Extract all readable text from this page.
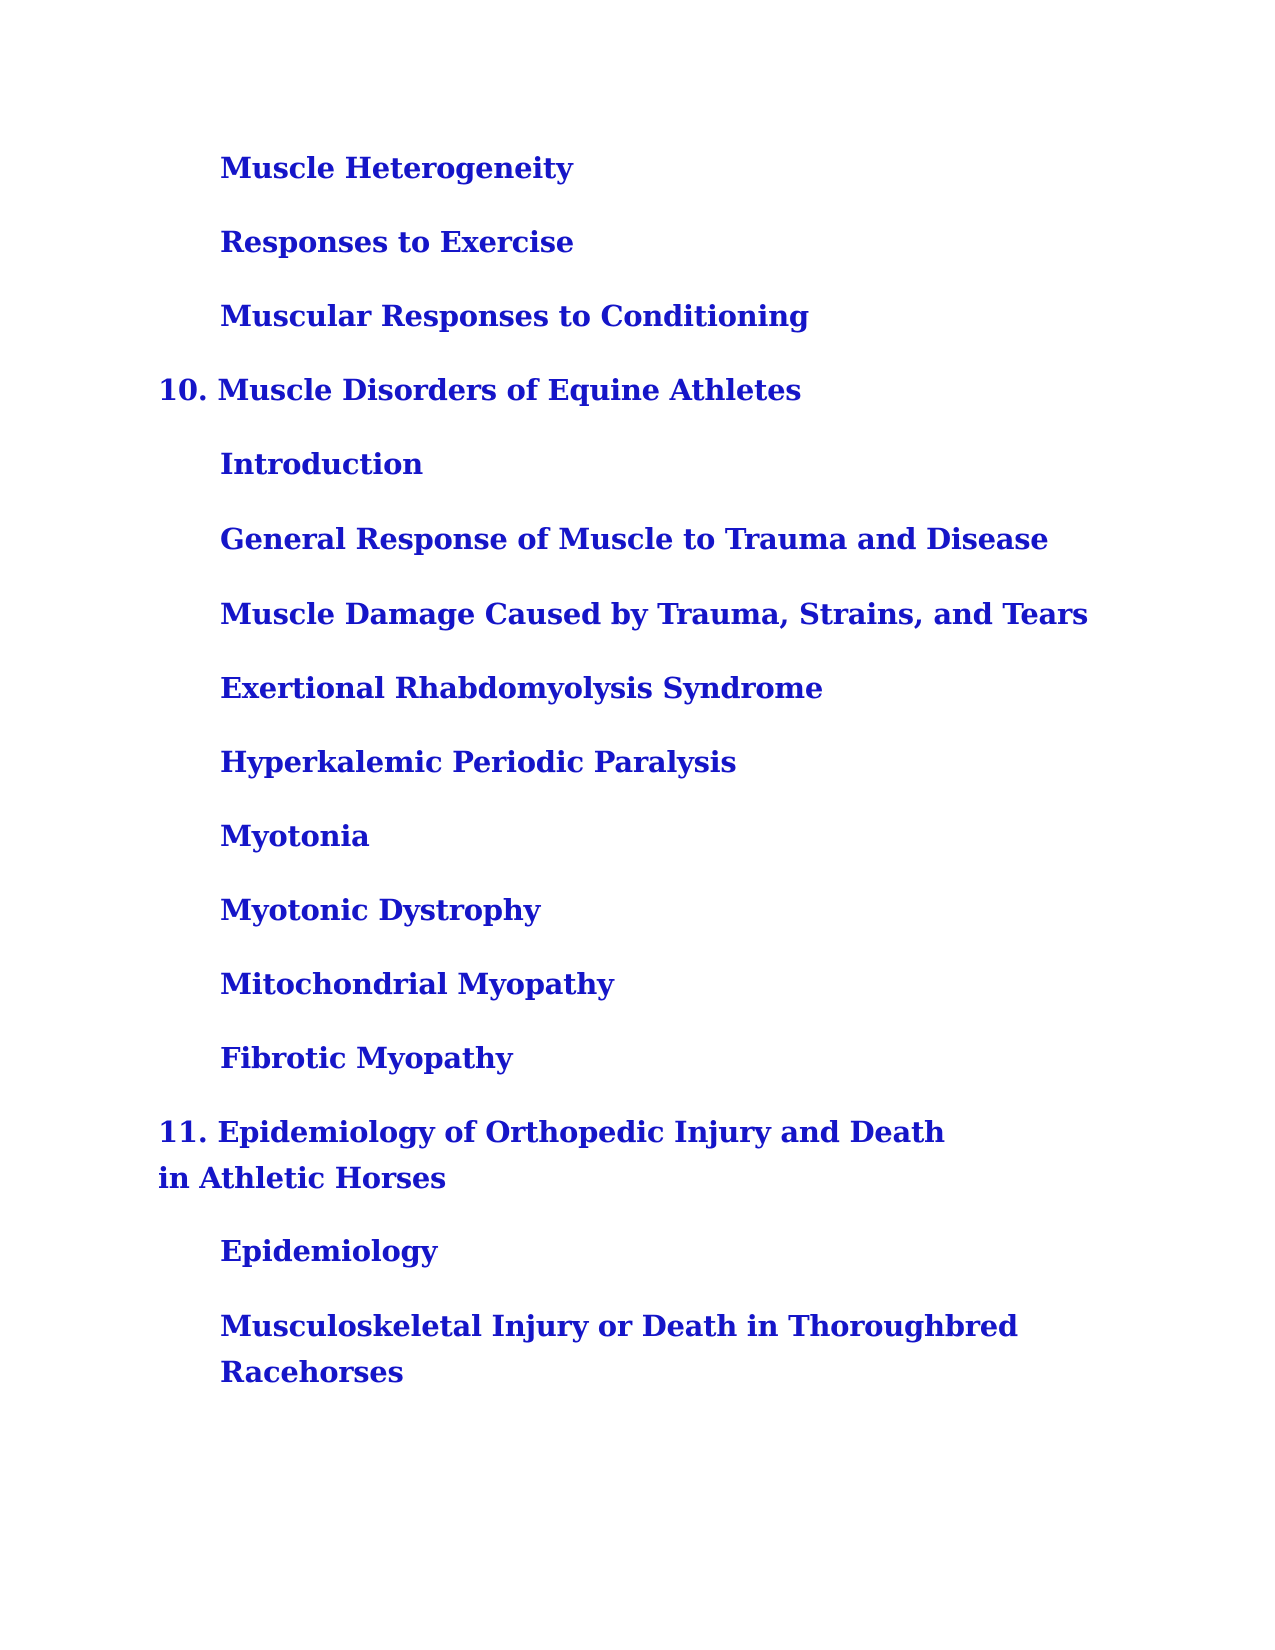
Muscle Heterogeneity

Responses to Exercise

Muscular Responses to Conditioning

10. Muscle Disorders of Equine Athletes

Introduction

General Response of Muscle to Trauma and Disease

Muscle Damage Caused by Trauma, Strains, and Tears

Exertional Rhabdomyolysis Syndrome

Hyperkalemic Periodic Paralysis

Myotonia

Myotonic Dystrophy

Mitochondrial Myopathy

Fibrotic Myopathy

11. Epidemiology of Orthopedic Injury and Death in Athletic Horses

Epidemiology

Musculoskeletal Injury or Death in Thoroughbred Racehorses
